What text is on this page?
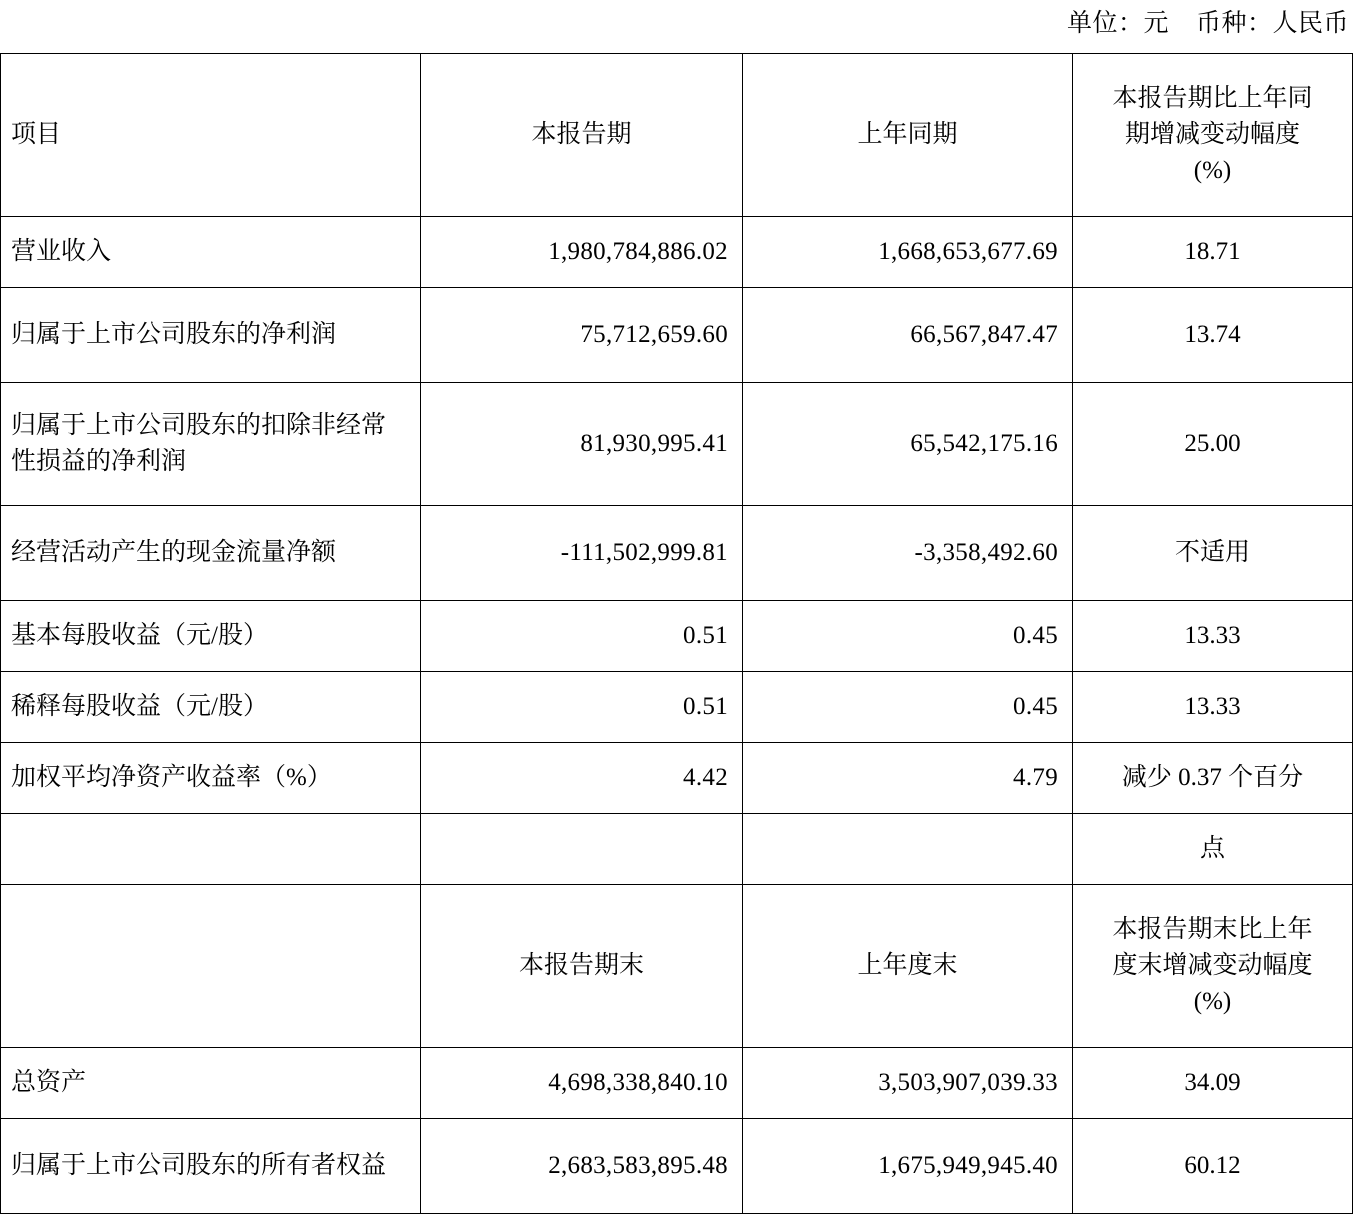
单位：元    币种：人民币
项目	本报告期	上年同期	本报告期比上年同
期增减变动幅度
(%)

营业收入	1,980,784,886.02	1,668,653,677.69	18.71
归属于上市公司股东的净利润	75,712,659.60	66,567,847.47	13.74
归属于上市公司股东的扣除非经常性损益的净利润	81,930,995.41	65,542,175.16	25.00
经营活动产生的现金流量净额	-111,502,999.81	-3,358,492.60	不适用
基本每股收益（元/股）	0.51	0.45	13.33
稀释每股收益（元/股）	0.51	0.45	13.33
加权平均净资产收益率（%）	4.42	4.79	减少 0.37 个百分
			点
	本报告期末	上年度末	本报告期末比上年
度末增减变动幅度
(%)

总资产	4,698,338,840.10	3,503,907,039.33	34.09
归属于上市公司股东的所有者权益	2,683,583,895.48	1,675,949,945.40	60.12
